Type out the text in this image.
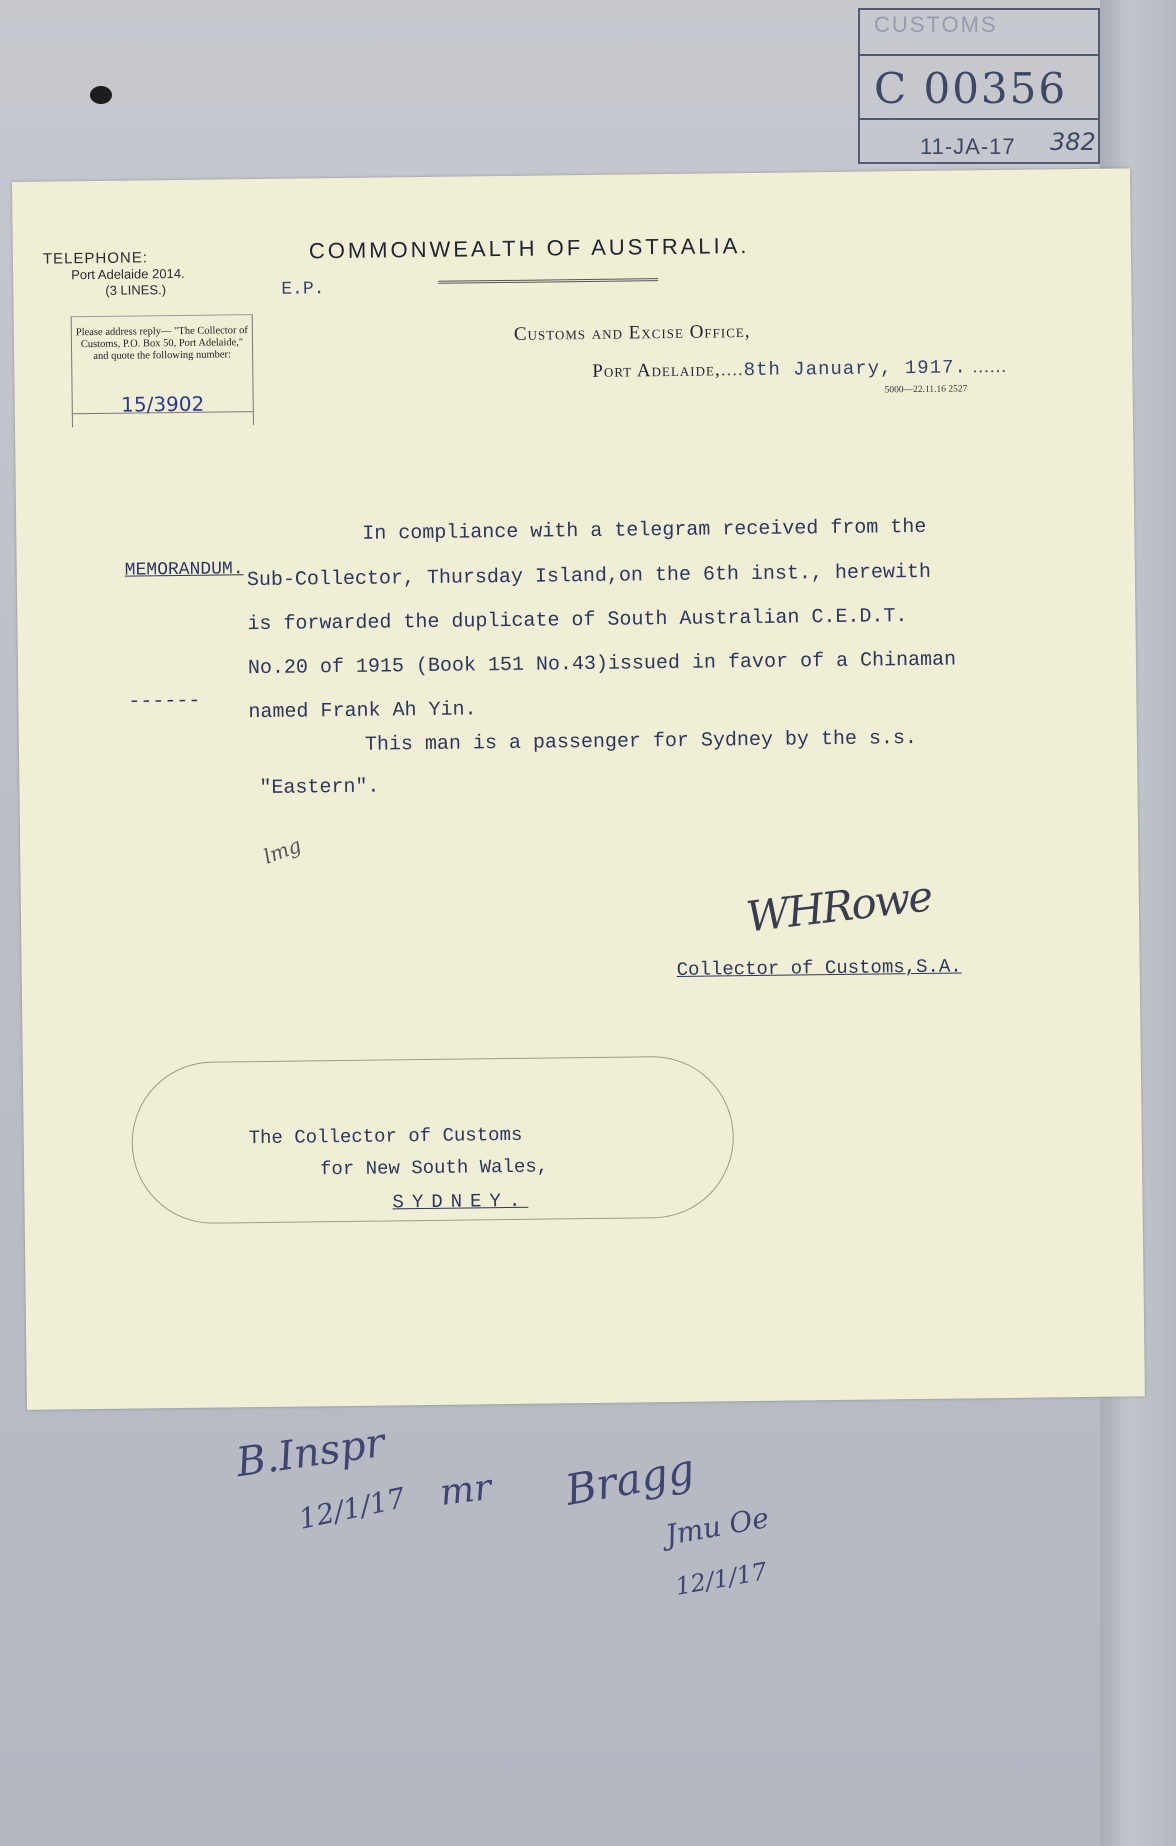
CUSTOMS
C 00356
11-JA-17 382
TELEPHONE:
Port Adelaide 2014.
(3 LINES.)
Please address reply— "The Collector of Customs, P.O. Box 50, Port Adelaide," and quote the following number:
15/3902
COMMONWEALTH OF AUSTRALIA.
E.P.
Customs and Excise Office,
Port Adelaide,....8th January, 1917. ......
5000—22.11.16 2527
MEMORANDUM.
------
In compliance with a telegram received from the
Sub-Collector, Thursday Island,on the 6th inst., herewith
is forwarded the duplicate of South Australian C.E.D.T.
No.20 of 1915 (Book 151 No.43)issued in favor of a Chinaman
named Frank Ah Yin.
This man is a passenger for Sydney by the s.s.
"Eastern".
lmg
WHRowe
Collector of Customs,S.A.
The Collector of Customs
for New South Wales,
SYDNEY.
B.Inspr
12/1/17 mr Bragg
Jmu Oe
12/1/17
